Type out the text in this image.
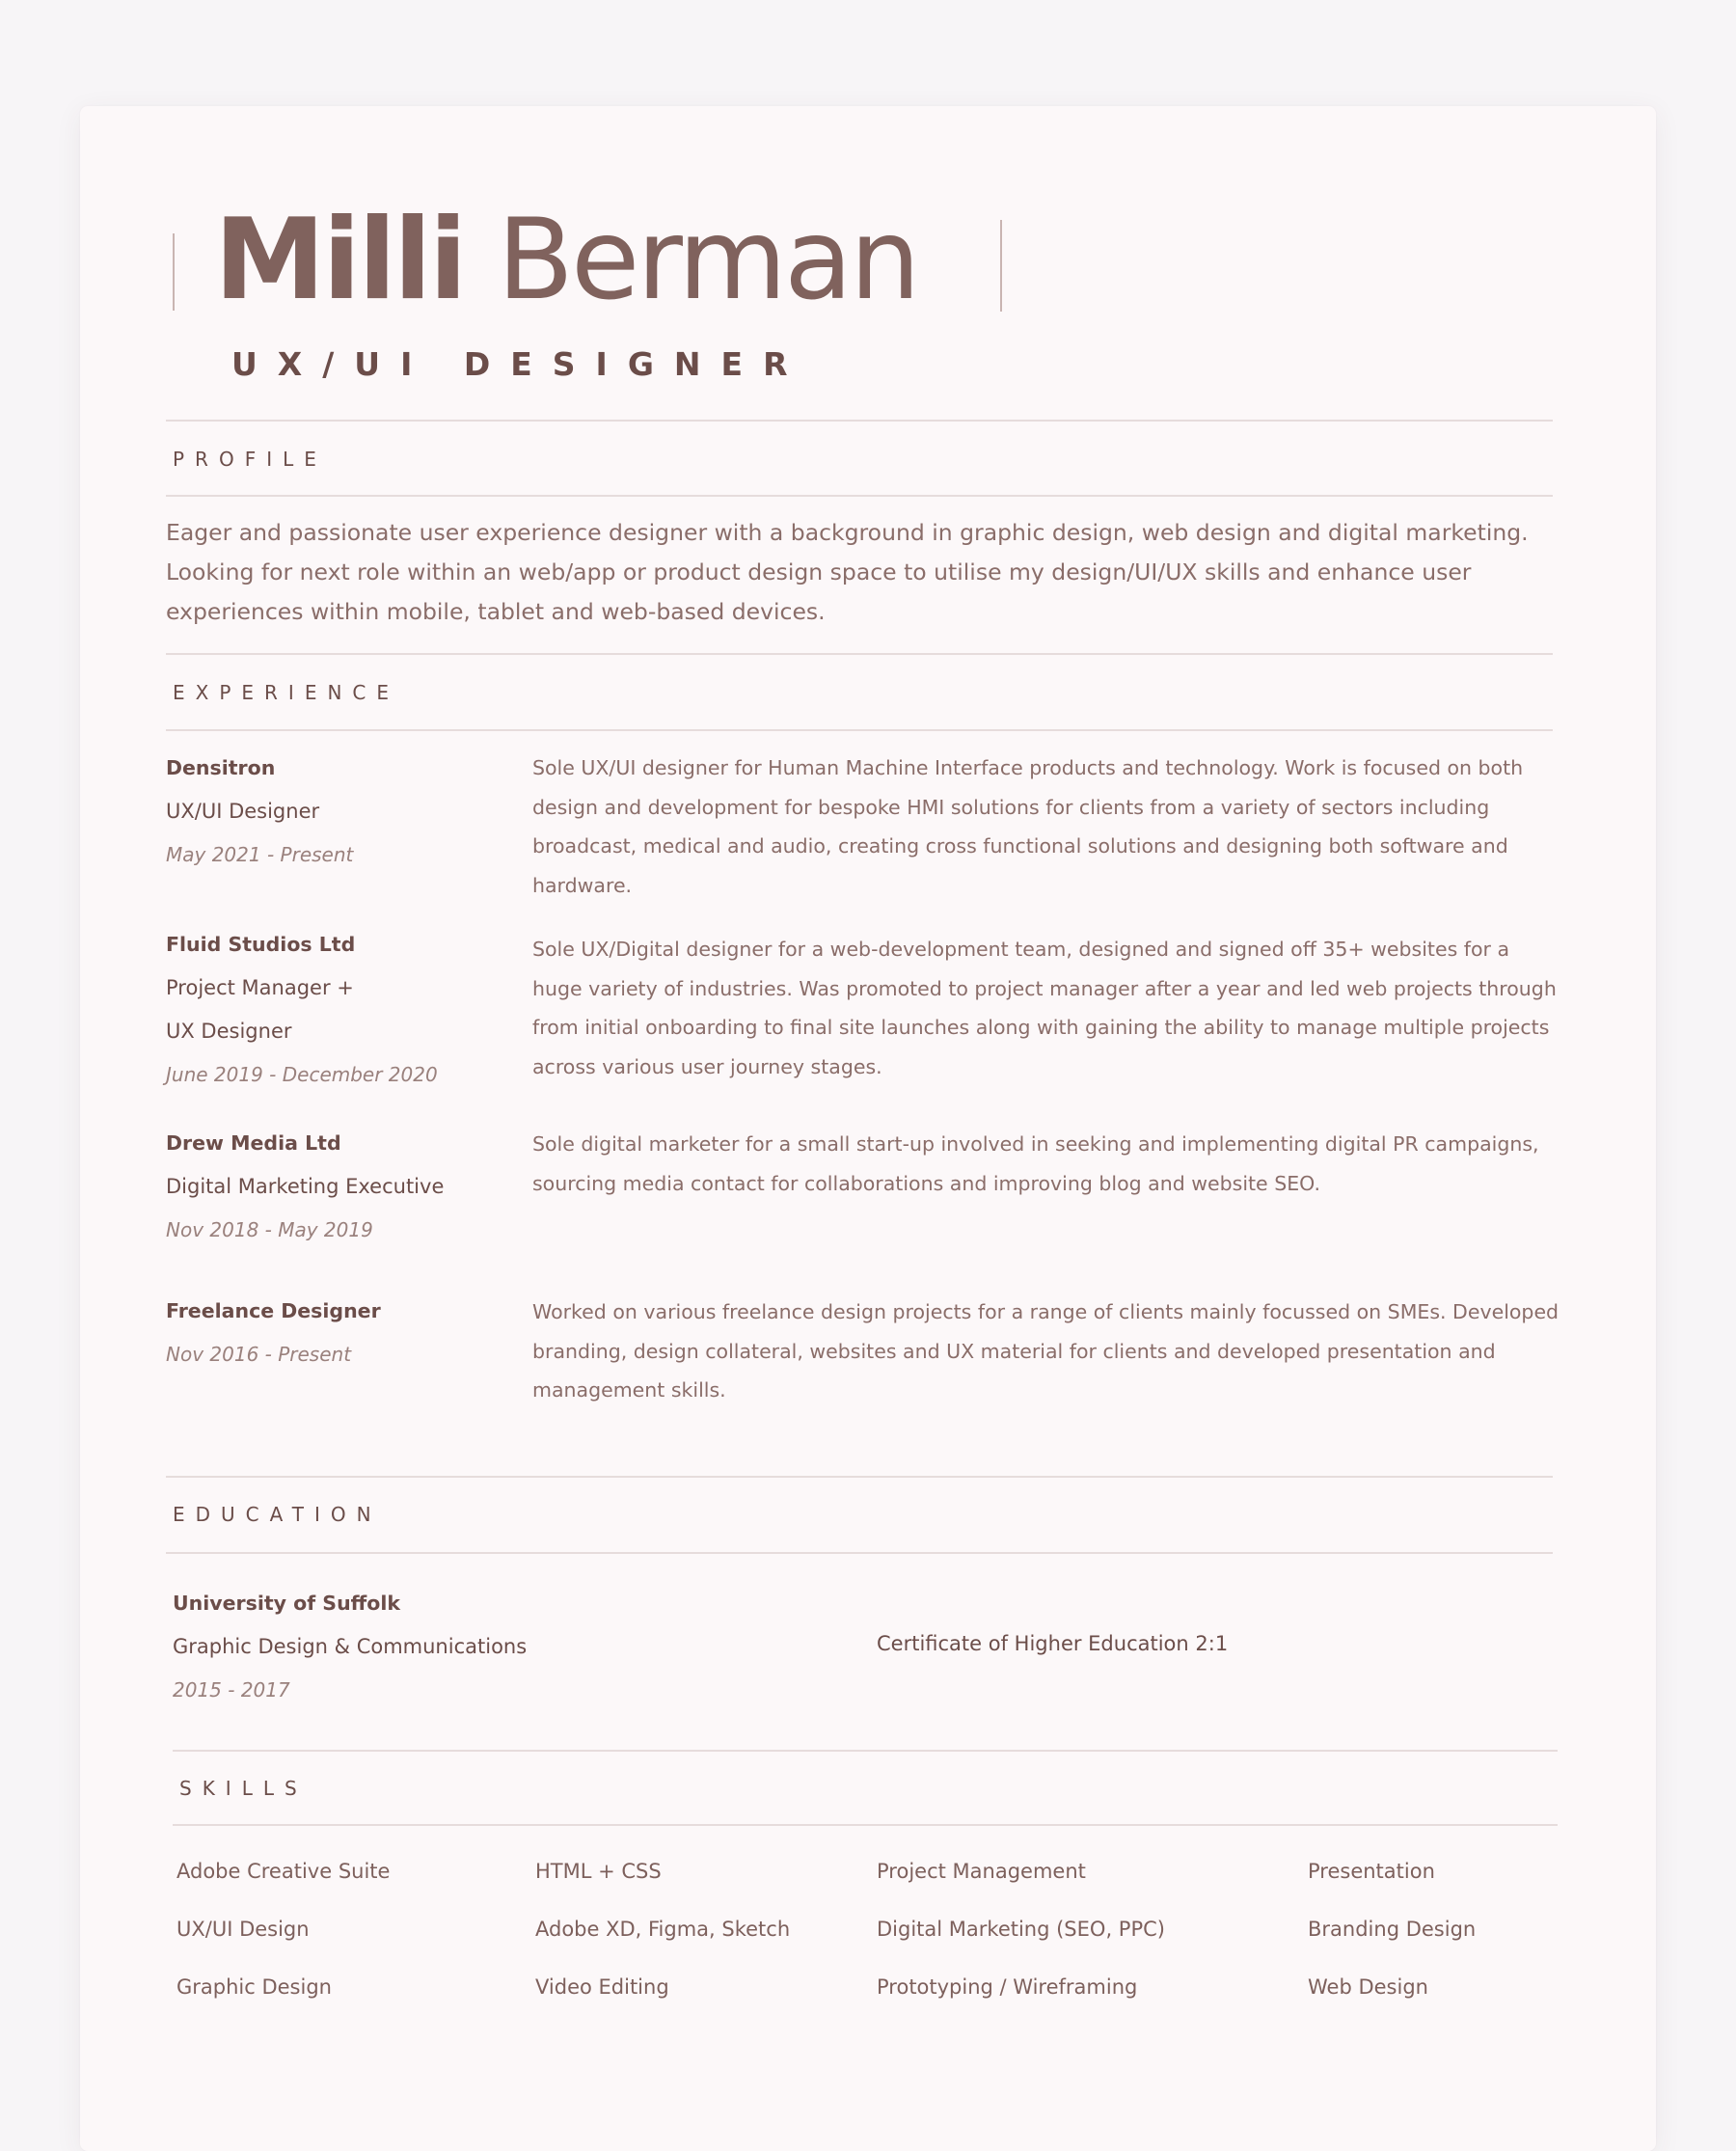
Milli Berman
UX/UI DESIGNER
PROFILE
Eager and passionate user experience designer with a background in graphic design, web design and digital marketing. Looking for next role within an web/app or product design space to utilise my design/UI/UX skills and enhance user experiences within mobile, tablet and web-based devices.
EXPERIENCE
Densitron
UX/UI Designer
May 2021 - Present
Sole UX/UI designer for Human Machine Interface products and technology. Work is focused on both design and development for bespoke HMI solutions for clients from a variety of sectors including broadcast, medical and audio, creating cross functional solutions and designing both software and hardware.
Fluid Studios Ltd
Project Manager +
UX Designer
June 2019 - December 2020
Sole UX/Digital designer for a web-development team, designed and signed off 35+ websites for a huge variety of industries. Was promoted to project manager after a year and led web projects through from initial onboarding to final site launches along with gaining the ability to manage multiple projects across various user journey stages.
Drew Media Ltd
Digital Marketing Executive
Nov 2018 - May 2019
Sole digital marketer for a small start-up involved in seeking and implementing digital PR campaigns, sourcing media contact for collaborations and improving blog and website SEO.
Freelance Designer
Nov 2016 - Present
Worked on various freelance design projects for a range of clients mainly focussed on SMEs. Developed branding, design collateral, websites and UX material for clients and developed presentation and management skills.
EDUCATION
University of Suffolk
Graphic Design & Communications
2015 - 2017
Certificate of Higher Education 2:1
SKILLS
Adobe Creative Suite
UX/UI Design
Graphic Design
HTML + CSS
Adobe XD, Figma, Sketch
Video Editing
Project Management
Digital Marketing (SEO, PPC)
Prototyping / Wireframing
Presentation
Branding Design
Web Design
